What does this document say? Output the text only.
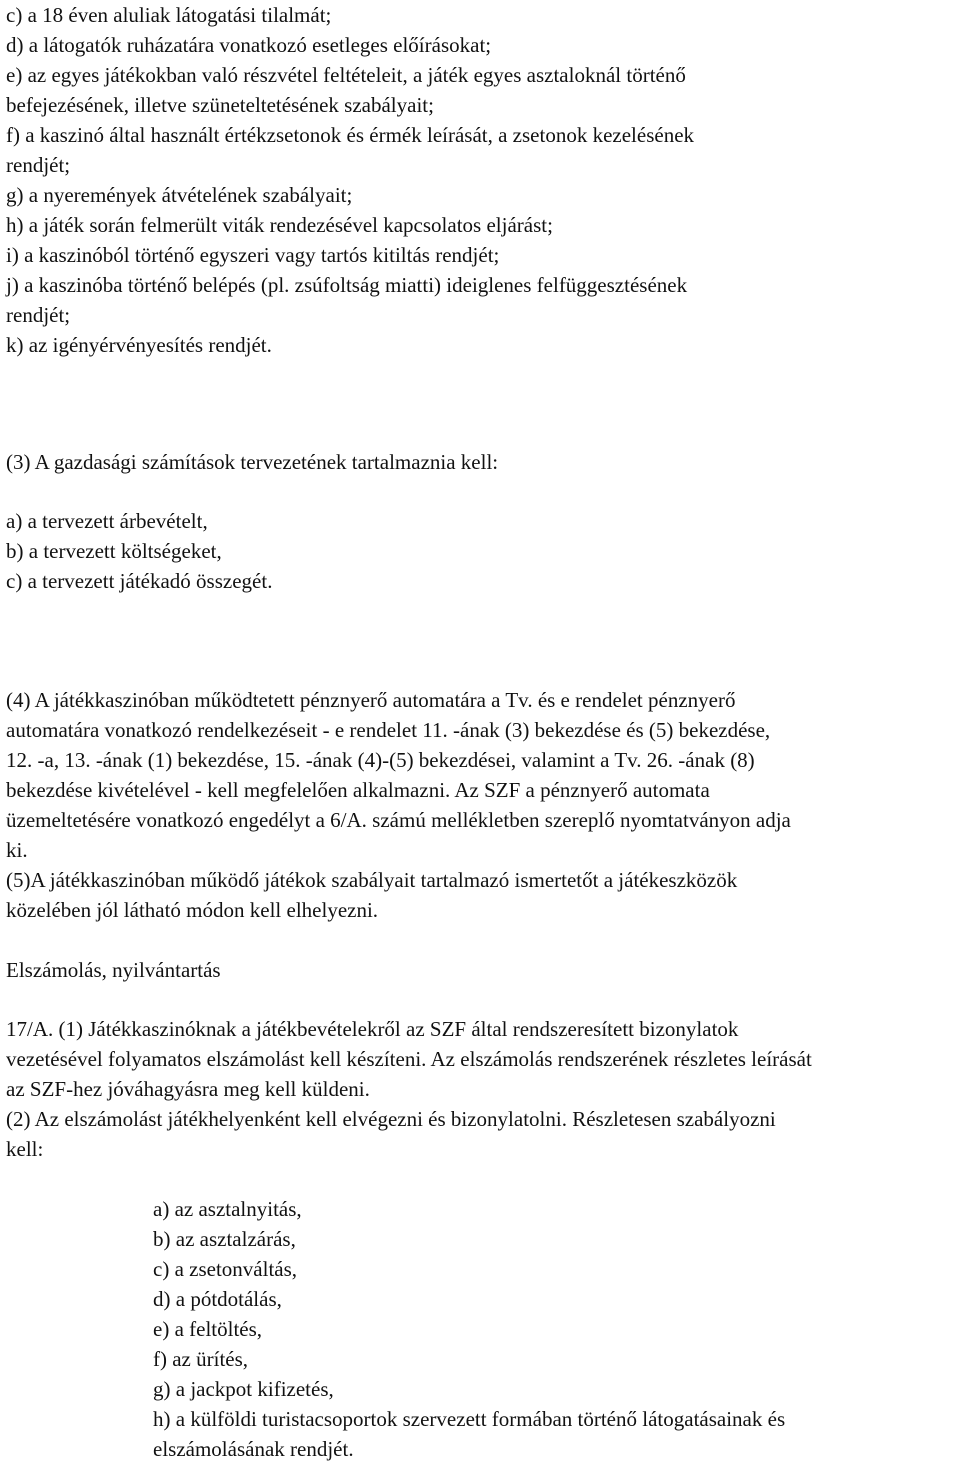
c) a 18 éven aluliak látogatási tilalmát;
d) a látogatók ruházatára vonatkozó esetleges előírásokat;
e) az egyes játékokban való részvétel feltételeit, a játék egyes asztaloknál történő
befejezésének, illetve szüneteltetésének szabályait;
f) a kaszinó által használt értékzsetonok és érmék leírását, a zsetonok kezelésének
rendjét;
g) a nyeremények átvételének szabályait;
h) a játék során felmerült viták rendezésével kapcsolatos eljárást;
i) a kaszinóból történő egyszeri vagy tartós kitiltás rendjét;
j) a kaszinóba történő belépés (pl. zsúfoltság miatti) ideiglenes felfüggesztésének
rendjét;
k) az igényérvényesítés rendjét.
(3) A gazdasági számítások tervezetének tartalmaznia kell:
a) a tervezett árbevételt,
b) a tervezett költségeket,
c) a tervezett játékadó összegét.
(4) A játékkaszinóban működtetett pénznyerő automatára a Tv. és e rendelet pénznyerő
automatára vonatkozó rendelkezéseit - e rendelet 11. -ának (3) bekezdése és (5) bekezdése,
12. -a, 13. -ának (1) bekezdése, 15. -ának (4)-(5) bekezdései, valamint a Tv. 26. -ának (8)
bekezdése kivételével - kell megfelelően alkalmazni. Az SZF a pénznyerő automata
üzemeltetésére vonatkozó engedélyt a 6/A. számú mellékletben szereplő nyomtatványon adja
ki.
(5)A játékkaszinóban működő játékok szabályait tartalmazó ismertetőt a játékeszközök
közelében jól látható módon kell elhelyezni.
Elszámolás, nyilvántartás
17/A. (1) Játékkaszinóknak a játékbevételekről az SZF által rendszeresített bizonylatok
vezetésével folyamatos elszámolást kell készíteni. Az elszámolás rendszerének részletes leírását
az SZF-hez jóváhagyásra meg kell küldeni.
(2) Az elszámolást játékhelyenként kell elvégezni és bizonylatolni. Részletesen szabályozni
kell:
a) az asztalnyitás,
b) az asztalzárás,
c) a zsetonváltás,
d) a pótdotálás,
e) a feltöltés,
f) az ürítés,
g) a jackpot kifizetés,
h) a külföldi turistacsoportok szervezett formában történő látogatásainak és
elszámolásának rendjét.
